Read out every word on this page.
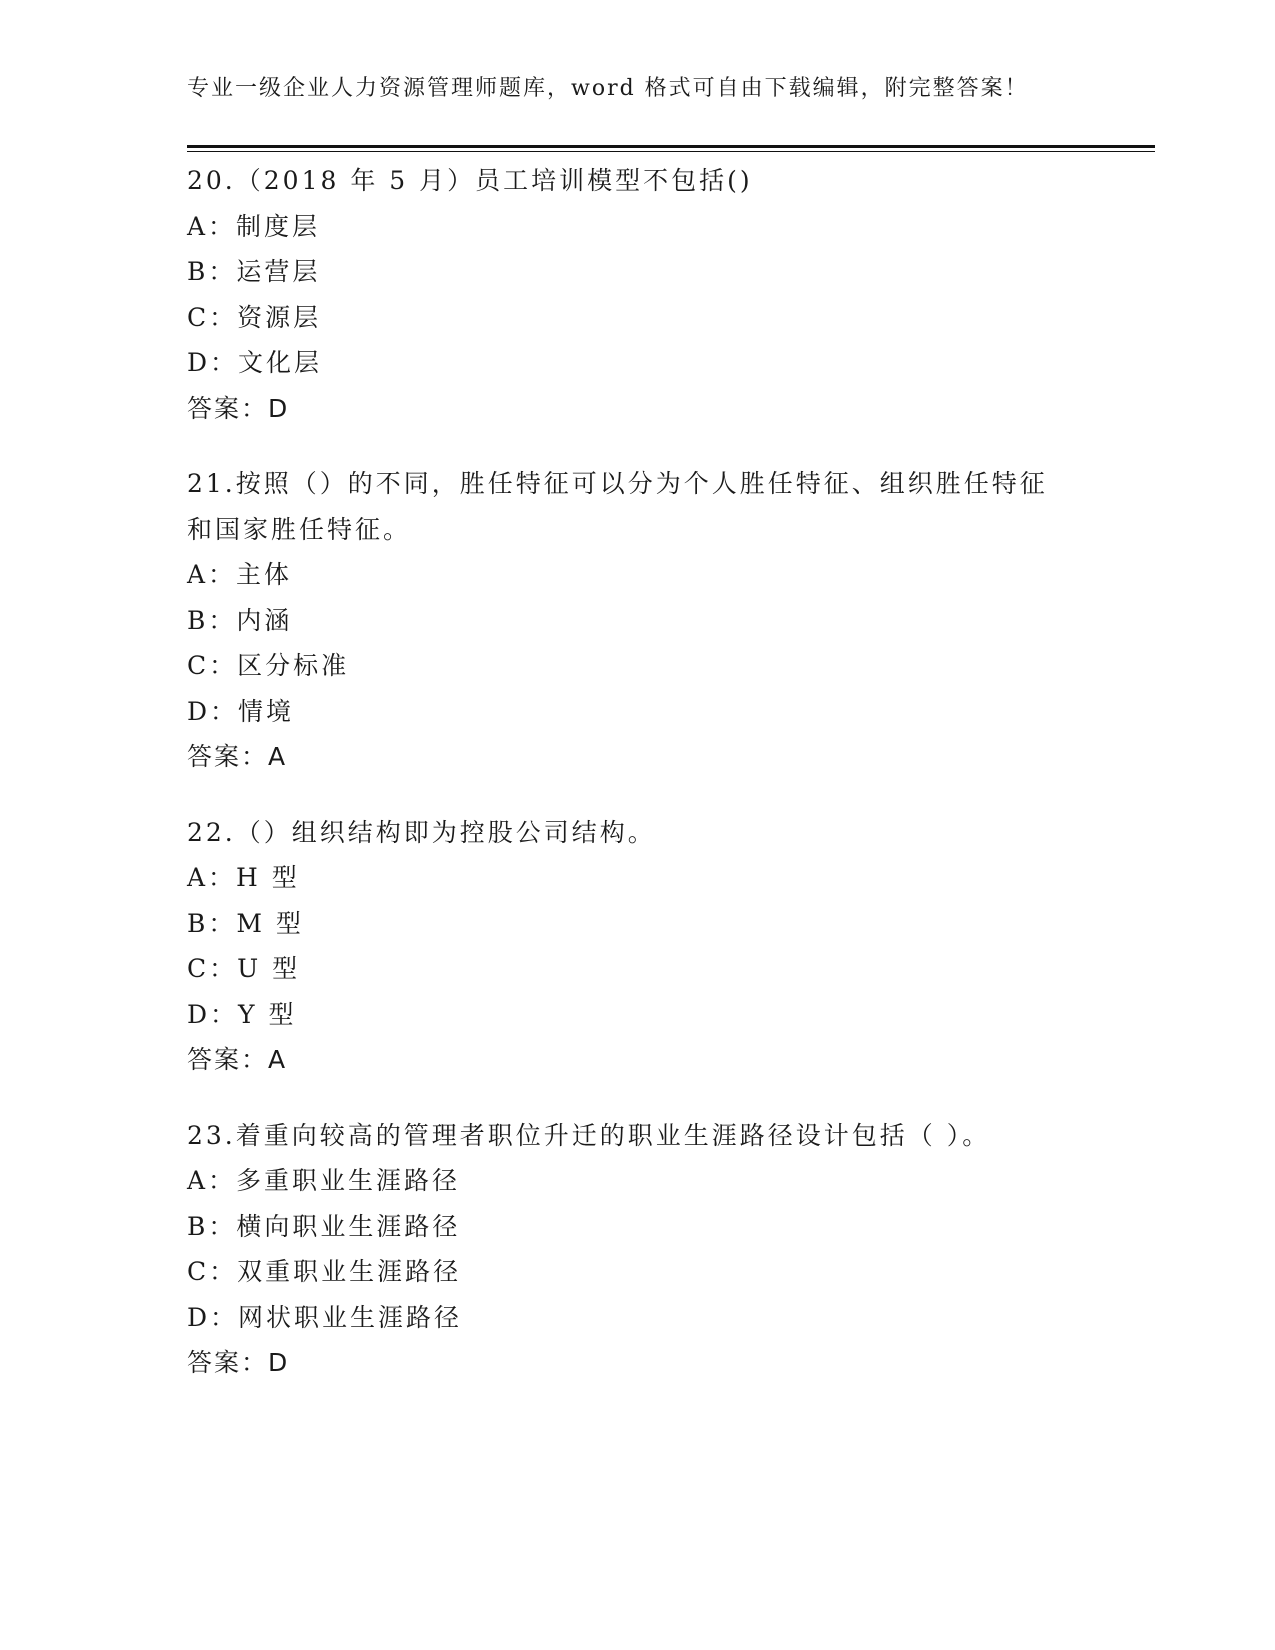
专业一级企业人力资源管理师题库，word 格式可自由下载编辑，附完整答案！
20.（2018 年 5 月）员工培训模型不包括()
A：制度层
B：运营层
C：资源层
D：文化层
答案：D
21.按照（）的不同，胜任特征可以分为个人胜任特征、组织胜任特征
和国家胜任特征。
A：主体
B：内涵
C：区分标准
D：情境
答案：A
22.（）组织结构即为控股公司结构。
A：H 型
B：M 型
C：U 型
D：Y 型
答案：A
23.着重向较高的管理者职位升迁的职业生涯路径设计包括（ ）。
A：多重职业生涯路径
B：横向职业生涯路径
C：双重职业生涯路径
D：网状职业生涯路径
答案：D
